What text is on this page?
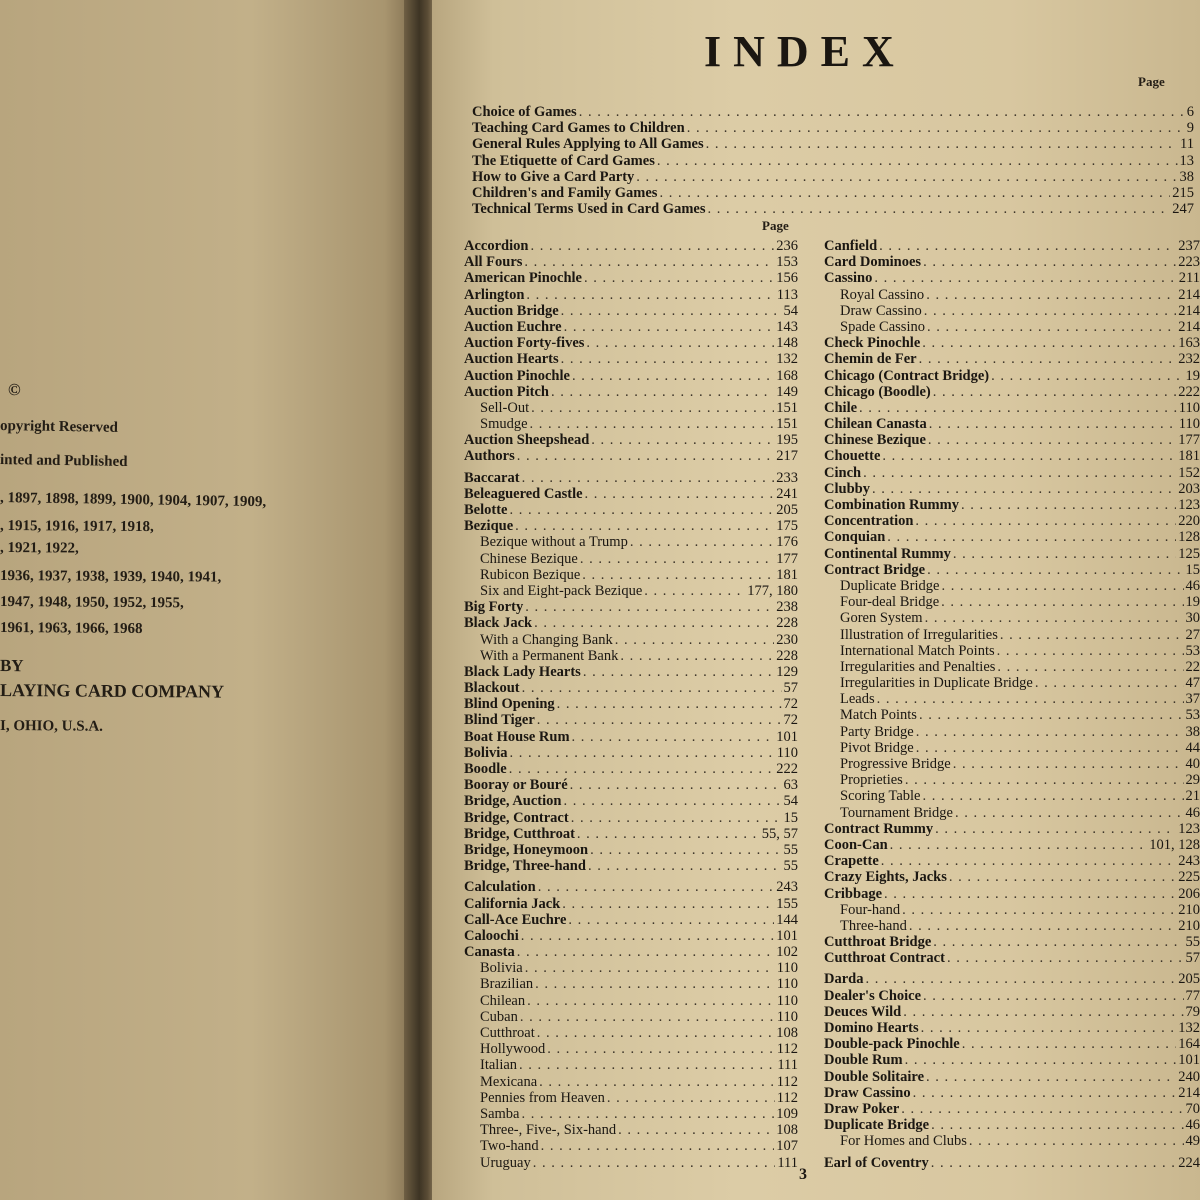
©
opyright Reserved
inted and Published
, 1897, 1898, 1899, 1900, 1904, 1907, 1909,
, 1915, 1916, 1917, 1918,
, 1921, 1922,
1936, 1937, 1938, 1939, 1940, 1941,
1947, 1948, 1950, 1952, 1955,
1961, 1963, 1966, 1968
BY
LAYING CARD COMPANY
I, OHIO, U.S.A.
INDEX
Page
Choice of Games . . .	6
Teaching Card Games to Children . . .	9
General Rules Applying to All Games . . .	11
The Etiquette of Card Games . . .	13
How to Give a Card Party . . .	38
Children's and Family Games . . .	215
Technical Terms Used in Card Games . . .	247
Page
Accordion . . .	236
All Fours . . .	153
American Pinochle . . .	156
Arlington . . .	113
Auction Bridge . . .	54
Auction Euchre . . .	143
Auction Forty-fives . . .	148
Auction Hearts . . .	132
Auction Pinochle . . .	168
Auction Pitch . . .	149
Sell-Out . . .	151
Smudge . . .	151
Auction Sheepshead . . .	195
Authors . . .	217
Baccarat . . .	233
Beleaguered Castle . . .	241
Belotte . . .	205
Bezique . . .	175
Bezique without a Trump . . .	176
Chinese Bezique . . .	177
Rubicon Bezique . . .	181
Six and Eight-pack Bezique . . .	177, 180
Big Forty . . .	238
Black Jack . . .	228
With a Changing Bank . . .	230
With a Permanent Bank . . .	228
Black Lady Hearts . . .	129
Blackout . . .	57
Blind Opening . . .	72
Blind Tiger . . .	72
Boat House Rum . . .	101
Bolivia . . .	110
Boodle . . .	222
Booray or Bouré . . .	63
Bridge, Auction . . .	54
Bridge, Contract . . .	15
Bridge, Cutthroat . . .	55, 57
Bridge, Honeymoon . . .	55
Bridge, Three-hand . . .	55
Calculation . . .	243
California Jack . . .	155
Call-Ace Euchre . . .	144
Caloochi . . .	101
Canasta . . .	102
Bolivia . . .	110
Brazilian . . .	110
Chilean . . .	110
Cuban . . .	110
Cutthroat . . .	108
Hollywood . . .	112
Italian . . .	111
Mexicana . . .	112
Pennies from Heaven . . .	112
Samba . . .	109
Three-, Five-, Six-hand . . .	108
Two-hand . . .	107
Uruguay . . .	111
Canfield . . .	237
Card Dominoes . . .	223
Cassino . . .	211
Royal Cassino . . .	214
Draw Cassino . . .	214
Spade Cassino . . .	214
Check Pinochle . . .	163
Chemin de Fer . . .	232
Chicago (Contract Bridge) . . .	19
Chicago (Boodle) . . .	222
Chile . . .	110
Chilean Canasta . . .	110
Chinese Bezique . . .	177
Chouette . . .	181
Cinch . . .	152
Clubby . . .	203
Combination Rummy . . .	123
Concentration . . .	220
Conquian . . .	128
Continental Rummy . . .	125
Contract Bridge . . .	15
Duplicate Bridge . . .	46
Four-deal Bridge . . .	19
Goren System . . .	30
Illustration of Irregularities . . .	27
International Match Points . . .	53
Irregularities and Penalties . . .	22
Irregularities in Duplicate Bridge . . .	47
Leads . . .	37
Match Points . . .	53
Party Bridge . . .	38
Pivot Bridge . . .	44
Progressive Bridge . . .	40
Proprieties . . .	29
Scoring Table . . .	21
Tournament Bridge . . .	46
Contract Rummy . . .	123
Coon-Can . . .	101, 128
Crapette . . .	243
Crazy Eights, Jacks . . .	225
Cribbage . . .	206
Four-hand . . .	210
Three-hand . . .	210
Cutthroat Bridge . . .	55
Cutthroat Contract . . .	57
Darda . . .	205
Dealer's Choice . . .	77
Deuces Wild . . .	79
Domino Hearts . . .	132
Double-pack Pinochle . . .	164
Double Rum . . .	101
Double Solitaire . . .	240
Draw Cassino . . .	214
Draw Poker . . .	70
Duplicate Bridge . . .	46
For Homes and Clubs . . .	49
Earl of Coventry . . .	224
3
